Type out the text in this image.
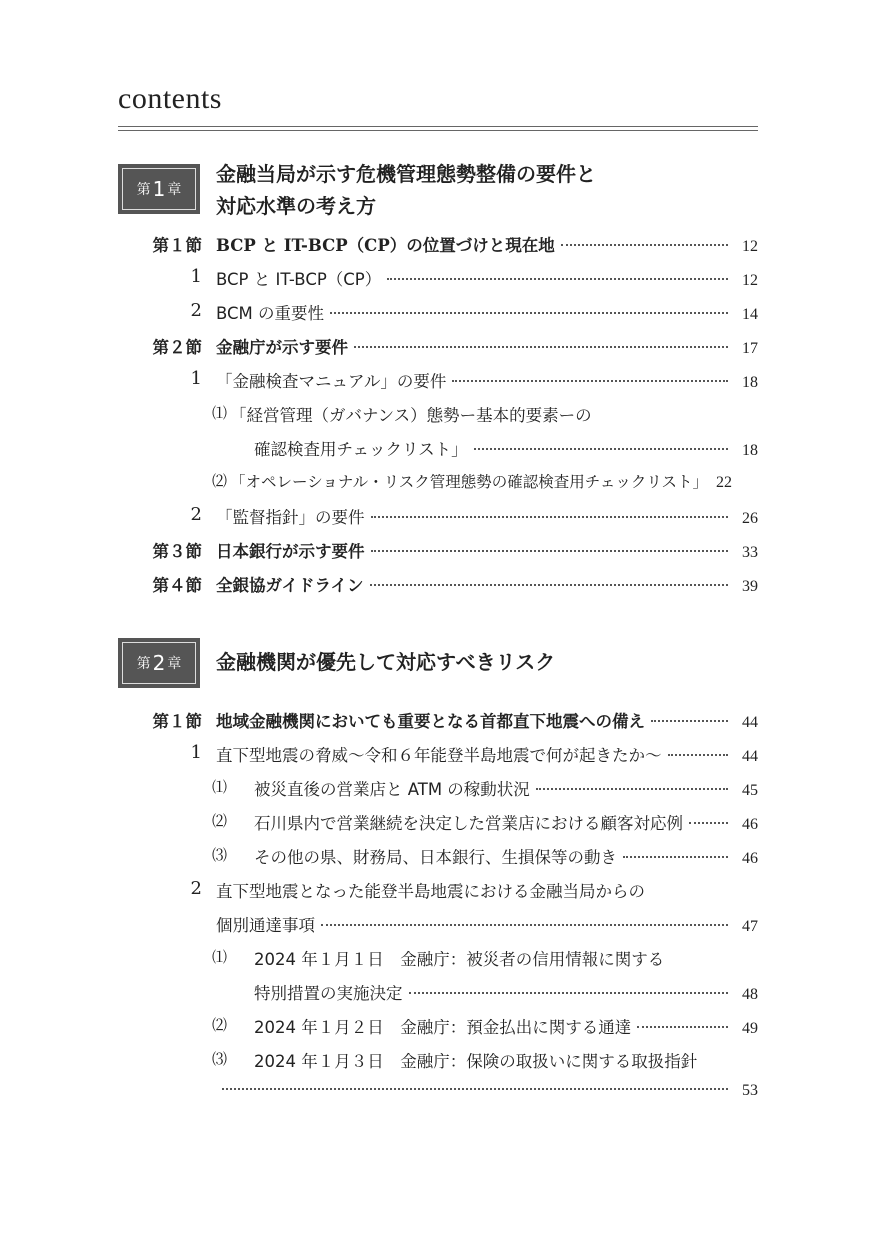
contents
第 1 章
金融当局が示す危機管理態勢整備の要件と
対応水準の考え方
第１節 BCP と IT-BCP（CP）の位置づけと現在地	12
1 BCP と IT-BCP（CP）	12
2 BCM の重要性	14
第２節 金融庁が示す要件	17
1 「金融検査マニュアル」の要件	18
⑴ 「経営管理（ガバナンス）態勢ー基本的要素ーの
確認検査用チェックリスト」	18
⑵ 「オペレーショナル・リスク管理態勢の確認検査用チェックリスト」 22
2 「監督指針」の要件	26
第３節 日本銀行が示す要件	33
第４節 全銀協ガイドライン	39
第 2 章 金融機関が優先して対応すべきリスク
第１節 地域金融機関においても重要となる首都直下地震への備え	44
1 直下型地震の脅威～令和６年能登半島地震で何が起きたか～	44
⑴	被災直後の営業店と ATM の稼動状況	45
⑵	石川県内で営業継続を決定した営業店における顧客対応例	46
⑶	その他の県、財務局、日本銀行、生損保等の動き	46
2 直下型地震となった能登半島地震における金融当局からの
個別通達事項	47
⑴	2024 年１月１日　金融庁：被災者の信用情報に関する
特別措置の実施決定	48
⑵	2024 年１月２日　金融庁：預金払出に関する通達	49
⑶	2024 年１月３日　金融庁：保険の取扱いに関する取扱指針
53
